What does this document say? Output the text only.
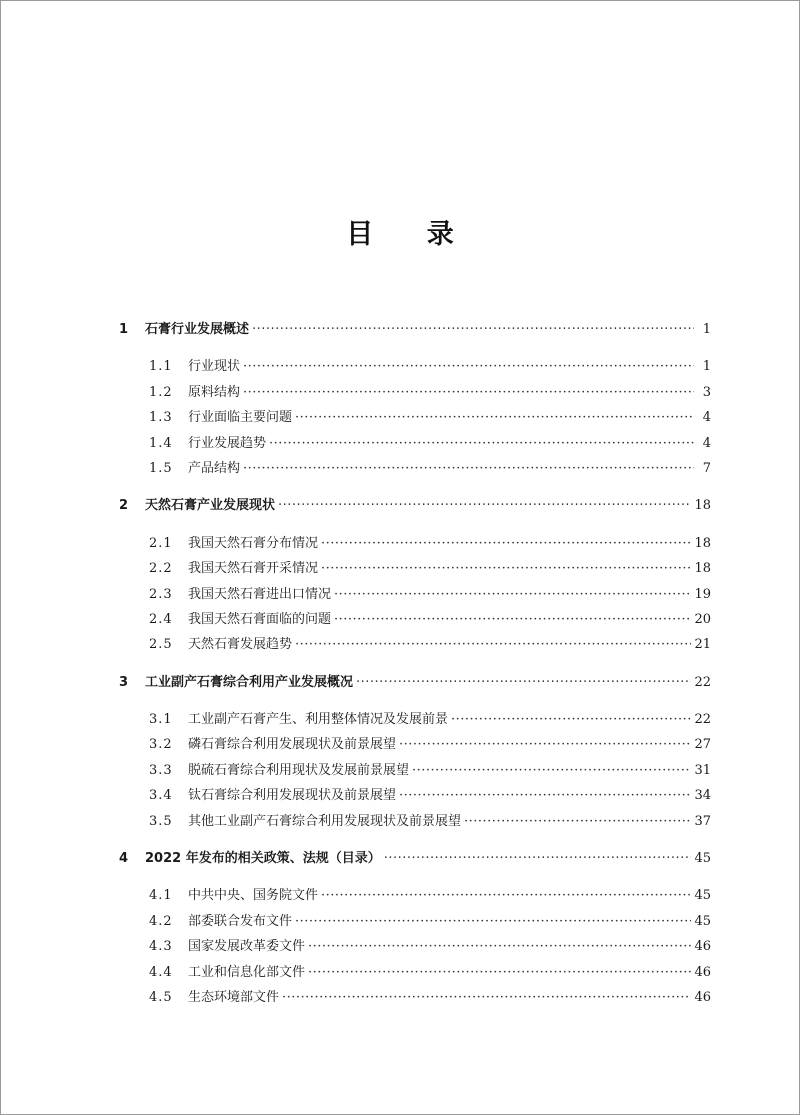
目 录
1	石膏行业发展概述 ·····	1
1.1	行业现状 ·····	1
1.2	原料结构 ·····	3
1.3	行业面临主要问题 ·····	4
1.4	行业发展趋势 ·····	4
1.5	产品结构 ·····	7
2	天然石膏产业发展现状 ·····	18
2.1	我国天然石膏分布情况 ·····	18
2.2	我国天然石膏开采情况 ·····	18
2.3	我国天然石膏进出口情况 ·····	19
2.4	我国天然石膏面临的问题 ·····	20
2.5	天然石膏发展趋势 ·····	21
3	工业副产石膏综合利用产业发展概况 ·····	22
3.1	工业副产石膏产生、利用整体情况及发展前景 ·····	22
3.2	磷石膏综合利用发展现状及前景展望 ·····	27
3.3	脱硫石膏综合利用现状及发展前景展望 ·····	31
3.4	钛石膏综合利用发展现状及前景展望 ·····	34
3.5	其他工业副产石膏综合利用发展现状及前景展望 ·····	37
4	2022 年发布的相关政策、法规（目录） ·····	45
4.1	中共中央、国务院文件 ·····	45
4.2	部委联合发布文件 ·····	45
4.3	国家发展改革委文件 ·····	46
4.4	工业和信息化部文件 ·····	46
4.5	生态环境部文件 ·····	46
